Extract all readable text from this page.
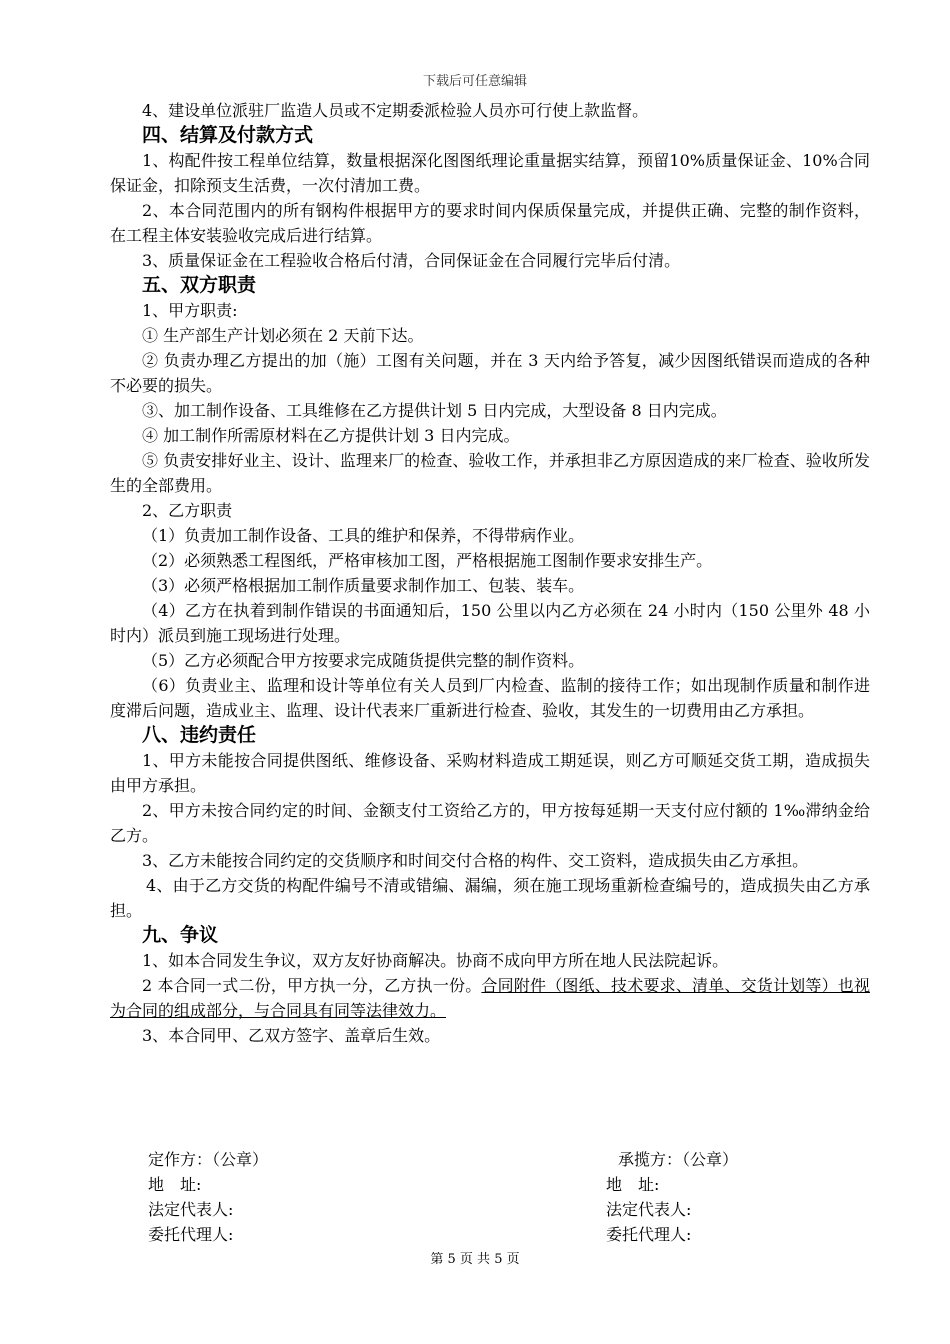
下载后可任意编辑

4、建设单位派驻厂监造人员或不定期委派检验人员亦可行使上款监督。

四、结算及付款方式

1、构配件按工程单位结算，数量根据深化图图纸理论重量据实结算，预留10%质量保证金、10%合同保证金，扣除预支生活费，一次付清加工费。

2、本合同范围内的所有钢构件根据甲方的要求时间内保质保量完成，并提供正确、完整的制作资料，在工程主体安装验收完成后进行结算。

3、质量保证金在工程验收合格后付清，合同保证金在合同履行完毕后付清。

五、双方职责

1、甲方职责:

① 生产部生产计划必须在 2 天前下达。

② 负责办理乙方提出的加（施）工图有关问题，并在 3 天内给予答复，减少因图纸错误而造成的各种不必要的损失。

③、加工制作设备、工具维修在乙方提供计划 5 日内完成，大型设备 8 日内完成。

④ 加工制作所需原材料在乙方提供计划 3 日内完成。

⑤ 负责安排好业主、设计、监理来厂的检查、验收工作，并承担非乙方原因造成的来厂检查、验收所发生的全部费用。

2、乙方职责

（1）负责加工制作设备、工具的维护和保养，不得带病作业。

（2）必须熟悉工程图纸，严格审核加工图，严格根据施工图制作要求安排生产。

（3）必须严格根据加工制作质量要求制作加工、包装、装车。

（4）乙方在执着到制作错误的书面通知后，150 公里以内乙方必须在 24 小时内（150 公里外 48 小时内）派员到施工现场进行处理。

（5）乙方必须配合甲方按要求完成随货提供完整的制作资料。

（6）负责业主、监理和设计等单位有关人员到厂内检查、监制的接待工作；如出现制作质量和制作进度滞后问题，造成业主、监理、设计代表来厂重新进行检查、验收，其发生的一切费用由乙方承担。

八、违约责任

1、甲方未能按合同提供图纸、维修设备、采购材料造成工期延误，则乙方可顺延交货工期，造成损失由甲方承担。

2、甲方未按合同约定的时间、金额支付工资给乙方的，甲方按每延期一天支付应付额的 1‰滞纳金给乙方。

3、乙方未能按合同约定的交货顺序和时间交付合格的构件、交工资料，造成损失由乙方承担。

4、由于乙方交货的构配件编号不清或错编、漏编，须在施工现场重新检查编号的，造成损失由乙方承担。

九、争议

1、如本合同发生争议，双方友好协商解决。协商不成向甲方所在地人民法院起诉。

2 本合同一式二份，甲方执一分，乙方执一份。合同附件（图纸、技术要求、清单、交货计划等）也视为合同的组成部分，与合同具有同等法律效力。

3、本合同甲、乙双方签字、盖章后生效。

定作方：（公章）
地　址:
法定代表人:
委托代理人:
承揽方：（公章）
地　址:
法定代表人:
委托代理人:
第 5 页 共 5 页
